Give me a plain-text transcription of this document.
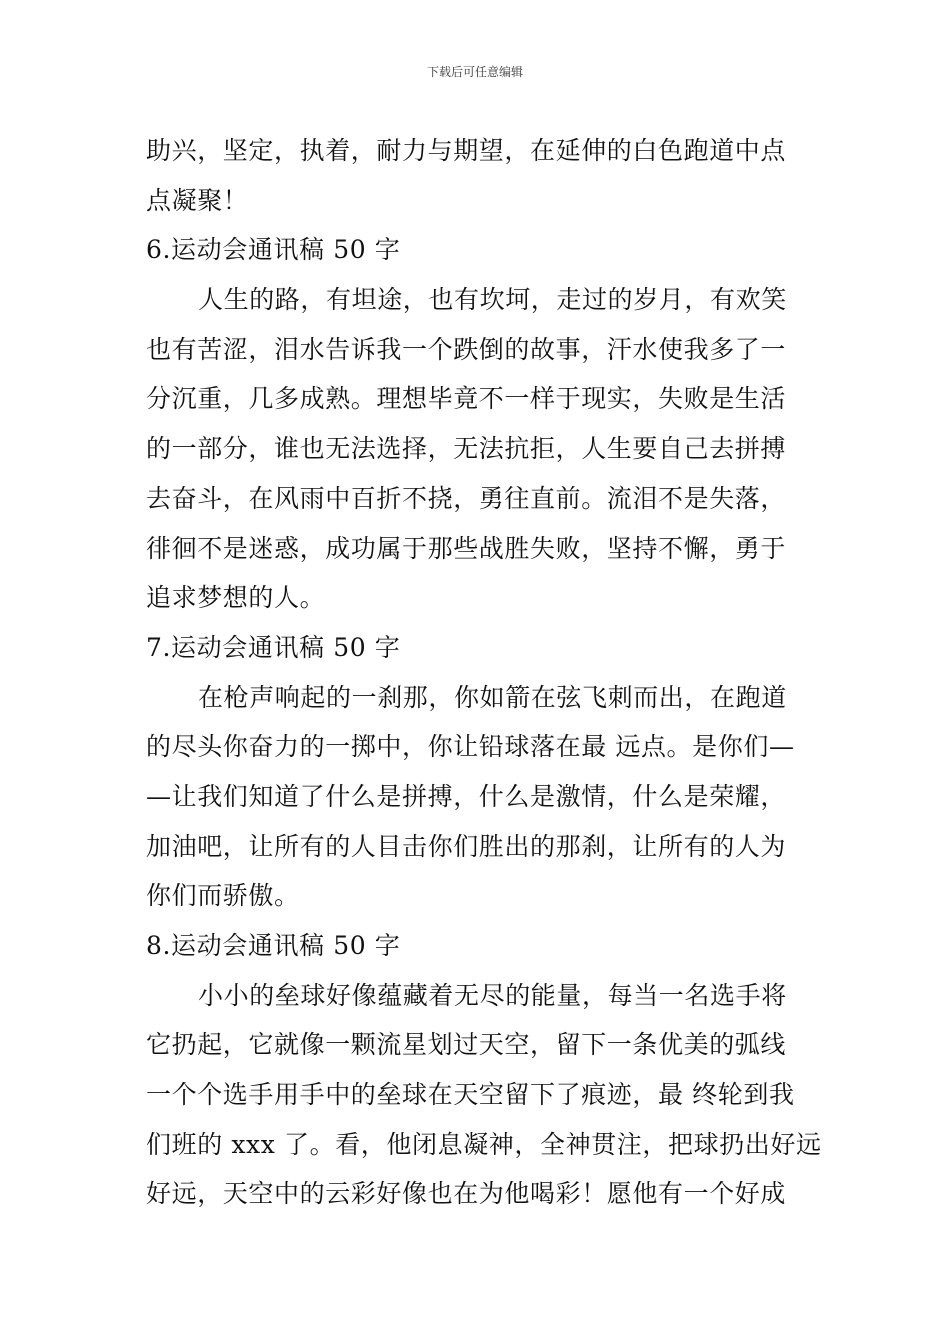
下载后可任意编辑
助兴，坚定，执着，耐力与期望，在延伸的白色跑道中点
点凝聚！
6.运动会通讯稿 50 字
人生的路，有坦途，也有坎坷，走过的岁月，有欢笑
也有苦涩，泪水告诉我一个跌倒的故事，汗水使我多了一
分沉重，几多成熟。理想毕竟不一样于现实，失败是生活
的一部分，谁也无法选择，无法抗拒，人生要自己去拼搏
去奋斗，在风雨中百折不挠，勇往直前。流泪不是失落，
徘徊不是迷惑，成功属于那些战胜失败，坚持不懈，勇于
追求梦想的人。
7.运动会通讯稿 50 字
在枪声响起的一刹那，你如箭在弦飞刺而出，在跑道
的尽头你奋力的一掷中，你让铅球落在最 远点。是你们—
—让我们知道了什么是拼搏，什么是激情，什么是荣耀，
加油吧，让所有的人目击你们胜出的那刹，让所有的人为
你们而骄傲。
8.运动会通讯稿 50 字
小小的垒球好像蕴藏着无尽的能量，每当一名选手将
它扔起，它就像一颗流星划过天空，留下一条优美的弧线
一个个选手用手中的垒球在天空留下了痕迹，最 终轮到我
们班的 xxx 了。看，他闭息凝神，全神贯注，把球扔出好远
好远，天空中的云彩好像也在为他喝彩！愿他有一个好成
